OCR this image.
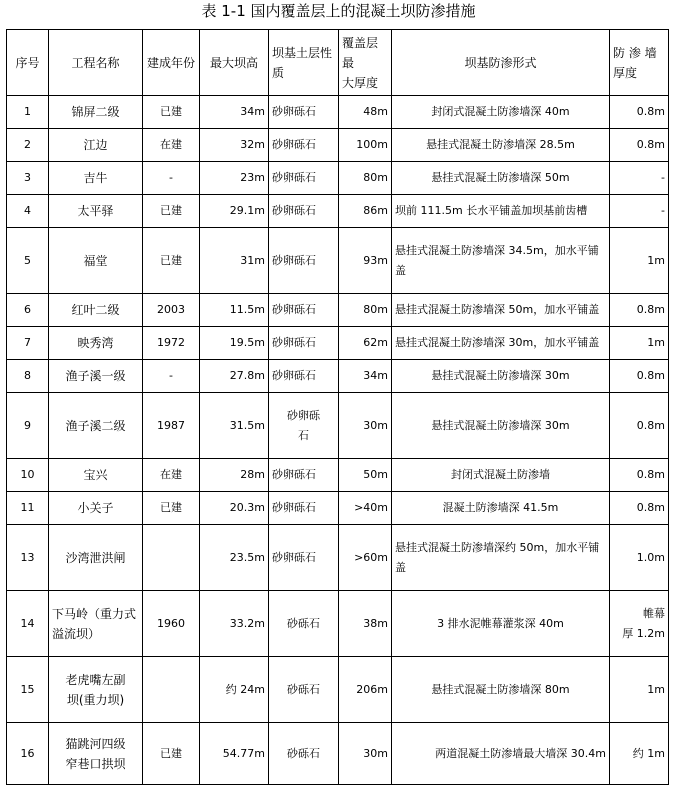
表 1-1 国内覆盖层上的混凝土坝防渗措施
序号	工程名称	建成年份	最大坝高	坝基土层性
质	覆盖层最
大厚度	坝基防渗形式	防 渗 墙
厚度
1	锦屏二级	已建	34m	砂卵砾石	48m	封闭式混凝土防渗墙深 40m	0.8m
2	江边	在建	32m	砂卵砾石	100m	悬挂式混凝土防渗墙深 28.5m	0.8m
3	吉牛	-	23m	砂卵砾石	80m	悬挂式混凝土防渗墙深 50m	-
4	太平驿	已建	29.1m	砂卵砾石	86m	坝前 111.5m 长水平铺盖加坝基前齿槽	-
5	福堂	已建	31m	砂卵砾石	93m	悬挂式混凝土防渗墙深 34.5m，加水平铺
盖	1m
6	红叶二级	2003	11.5m	砂卵砾石	80m	悬挂式混凝土防渗墙深 50m，加水平铺盖	0.8m
7	映秀湾	1972	19.5m	砂卵砾石	62m	悬挂式混凝土防渗墙深 30m，加水平铺盖	1m
8	渔子溪一级	-	27.8m	砂卵砾石	34m	悬挂式混凝土防渗墙深 30m	0.8m
9	渔子溪二级	1987	31.5m	砂卵砾
石	30m	悬挂式混凝土防渗墙深 30m	0.8m
10	宝兴	在建	28m	砂卵砾石	50m	封闭式混凝土防渗墙	0.8m
11	小关子	已建	20.3m	砂卵砾石	>40m	混凝土防渗墙深 41.5m	0.8m
13	沙湾泄洪闸		23.5m	砂卵砾石	>60m	悬挂式混凝土防渗墙深约 50m，加水平铺
盖	1.0m
14	下马岭（重力式
溢流坝）	1960	33.2m	砂砾石	38m	3 排水泥帷幕灌浆深 40m	帷幕
厚 1.2m
15	老虎嘴左副
坝(重力坝)		约 24m	砂砾石	206m	悬挂式混凝土防渗墙深 80m	1m
16	猫跳河四级
窄巷口拱坝	已建	54.77m	砂砾石	30m	两道混凝土防渗墙最大墙深 30.4m	约 1m
